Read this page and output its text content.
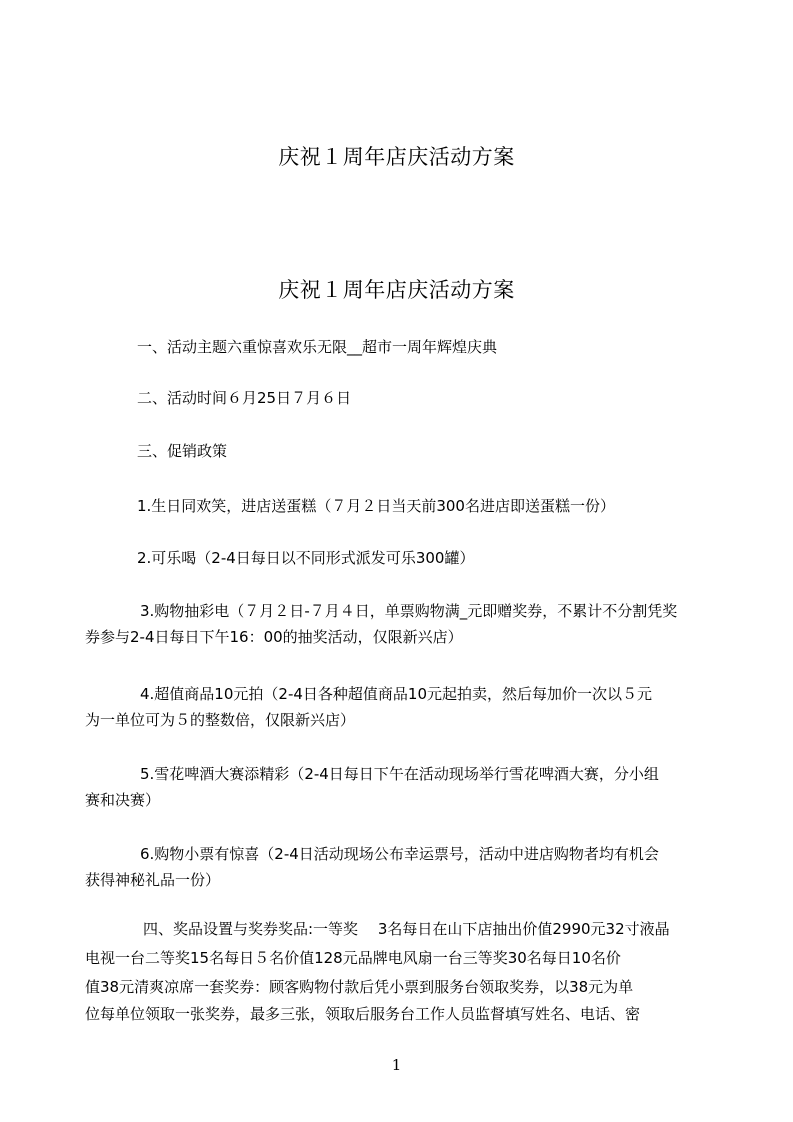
庆祝１周年店庆活动方案
庆祝１周年店庆活动方案
一、活动主题六重惊喜欢乐无限__超市一周年辉煌庆典
二、活动时间６月25日７月６日
三、促销政策
1.生日同欢笑，进店送蛋糕（７月２日当天前300名进店即送蛋糕一份）
2.可乐喝（2-4日每日以不同形式派发可乐300罐）
3.购物抽彩电（７月２日-７月４日，单票购物满_元即赠奖券，不累计不分割凭奖
券参与2-4日每日下午16：00的抽奖活动，仅限新兴店）
4.超值商品10元拍（2-4日各种超值商品10元起拍卖，然后每加价一次以５元
为一单位可为５的整数倍，仅限新兴店）
5.雪花啤酒大赛添精彩（2-4日每日下午在活动现场举行雪花啤酒大赛，分小组
赛和决赛）
6.购物小票有惊喜（2-4日活动现场公布幸运票号，活动中进店购物者均有机会
获得神秘礼品一份）
四、奖品设置与奖券奖品:一等奖　 3名每日在山下店抽出价值2990元32寸液晶
电视一台二等奖15名每日５名价值128元品牌电风扇一台三等奖30名每日10名价
值38元清爽凉席一套奖券：顾客购物付款后凭小票到服务台领取奖券，以38元为单
位每单位领取一张奖券，最多三张，领取后服务台工作人员监督填写姓名、电话、密
1
